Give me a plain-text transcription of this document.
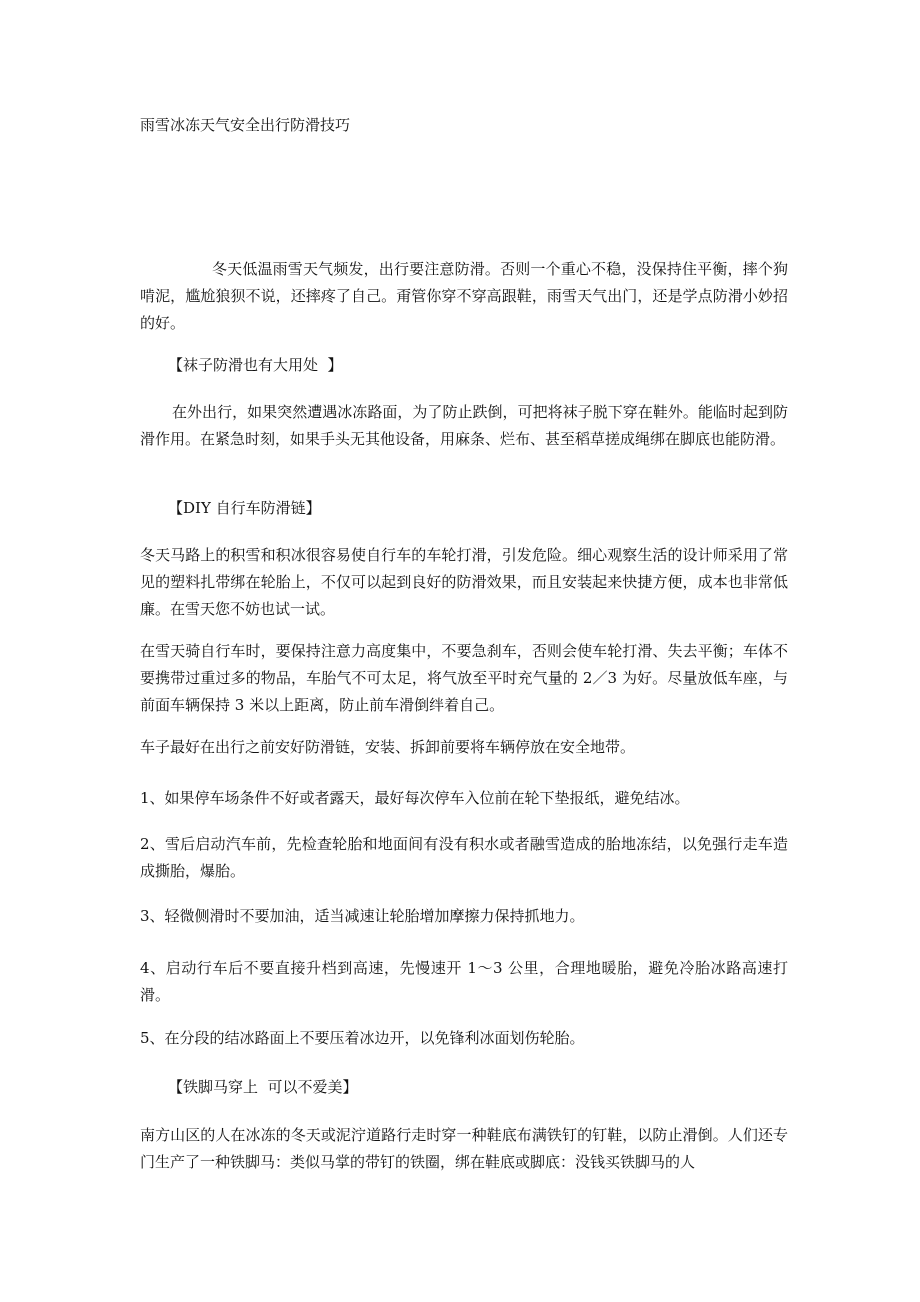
雨雪冰冻天气安全出行防滑技巧

冬天低温雨雪天气频发，出行要注意防滑。否则一个重心不稳，没保持住平衡，摔个狗啃泥，尴尬狼狈不说，还摔疼了自己。甭管你穿不穿高跟鞋，雨雪天气出门，还是学点防滑小妙招的好。

【袜子防滑也有大用处  】

在外出行，如果突然遭遇冰冻路面，为了防止跌倒，可把将袜子脱下穿在鞋外。能临时起到防滑作用。在紧急时刻，如果手头无其他设备，用麻条、烂布、甚至稻草搓成绳绑在脚底也能防滑。

【DIY 自行车防滑链】

冬天马路上的积雪和积冰很容易使自行车的车轮打滑，引发危险。细心观察生活的设计师采用了常见的塑料扎带绑在轮胎上，不仅可以起到良好的防滑效果，而且安装起来快捷方便，成本也非常低廉。在雪天您不妨也试一试。

在雪天骑自行车时，要保持注意力高度集中，不要急刹车，否则会使车轮打滑、失去平衡；车体不要携带过重过多的物品，车胎气不可太足，将气放至平时充气量的 2／3 为好。尽量放低车座，与前面车辆保持 3 米以上距离，防止前车滑倒绊着自己。

车子最好在出行之前安好防滑链，安装、拆卸前要将车辆停放在安全地带。

1、如果停车场条件不好或者露天，最好每次停车入位前在轮下垫报纸，避免结冰。

2、雪后启动汽车前，先检查轮胎和地面间有没有积水或者融雪造成的胎地冻结，以免强行走车造成撕胎，爆胎。

3、轻微侧滑时不要加油，适当减速让轮胎增加摩擦力保持抓地力。

4、启动行车后不要直接升档到高速，先慢速开 1～3 公里，合理地暖胎，避免冷胎冰路高速打滑。

5、在分段的结冰路面上不要压着冰边开，以免锋利冰面划伤轮胎。

【铁脚马穿上  可以不爱美】

南方山区的人在冰冻的冬天或泥泞道路行走时穿一种鞋底布满铁钉的钉鞋，以防止滑倒。人们还专门生产了一种铁脚马：类似马掌的带钉的铁圈，绑在鞋底或脚底：没钱买铁脚马的人
